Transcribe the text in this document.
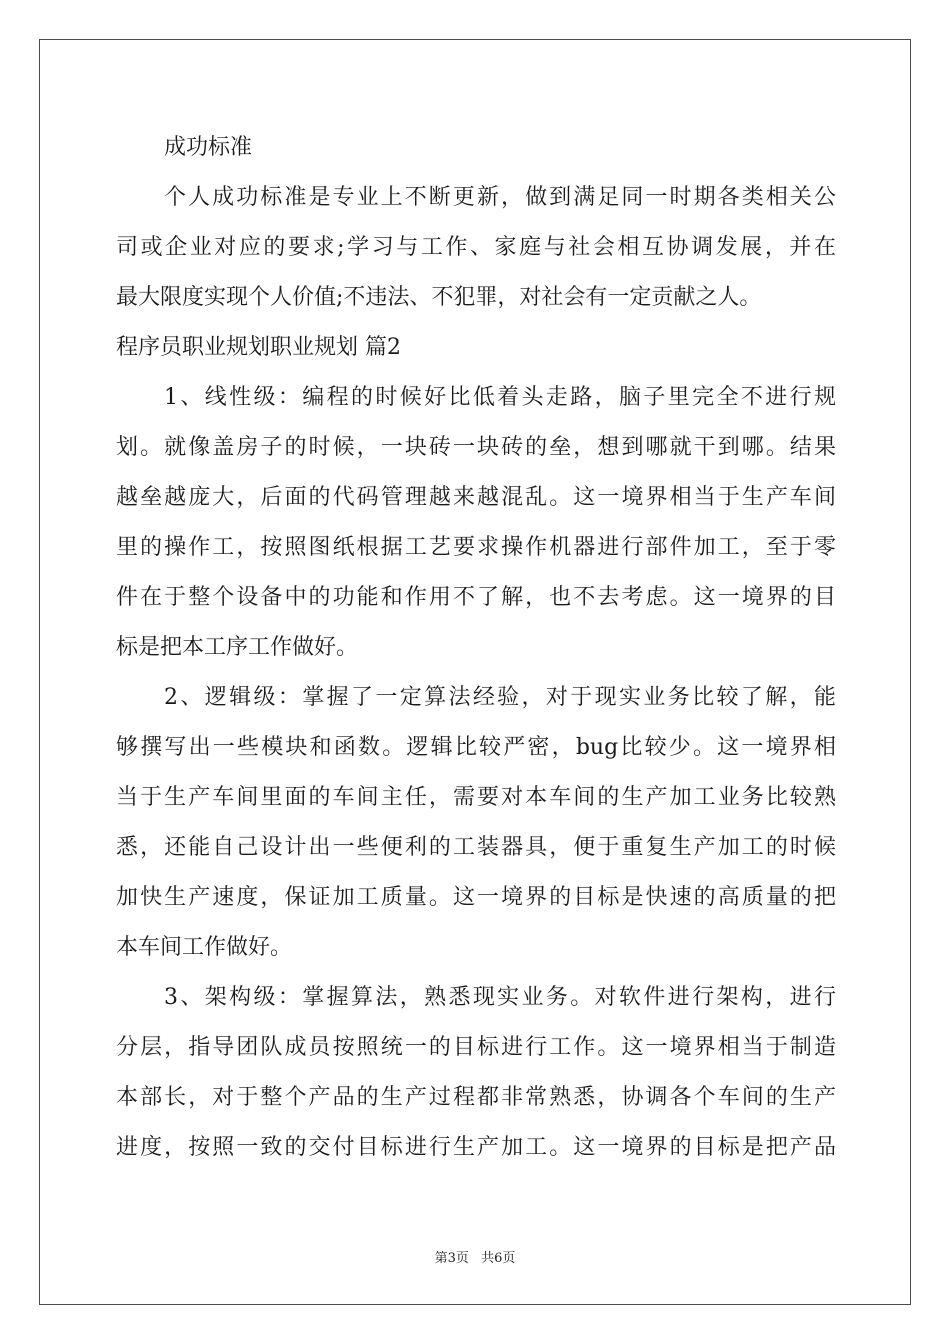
成功标准
个人成功标准是专业上不断更新，做到满足同一时期各类相关公
司或企业对应的要求;学习与工作、家庭与社会相互协调发展，并在
最大限度实现个人价值;不违法、不犯罪，对社会有一定贡献之人。
程序员职业规划职业规划 篇2
1、线性级：编程的时候好比低着头走路，脑子里完全不进行规
划。就像盖房子的时候，一块砖一块砖的垒，想到哪就干到哪。结果
越垒越庞大，后面的代码管理越来越混乱。这一境界相当于生产车间
里的操作工，按照图纸根据工艺要求操作机器进行部件加工，至于零
件在于整个设备中的功能和作用不了解，也不去考虑。这一境界的目
标是把本工序工作做好。
2、逻辑级：掌握了一定算法经验，对于现实业务比较了解，能
够撰写出一些模块和函数。逻辑比较严密，bug比较少。这一境界相
当于生产车间里面的车间主任，需要对本车间的生产加工业务比较熟
悉，还能自己设计出一些便利的工装器具，便于重复生产加工的时候
加快生产速度，保证加工质量。这一境界的目标是快速的高质量的把
本车间工作做好。
3、架构级：掌握算法，熟悉现实业务。对软件进行架构，进行
分层，指导团队成员按照统一的目标进行工作。这一境界相当于制造
本部长，对于整个产品的生产过程都非常熟悉，协调各个车间的生产
进度，按照一致的交付目标进行生产加工。这一境界的目标是把产品
第3页 共6页
